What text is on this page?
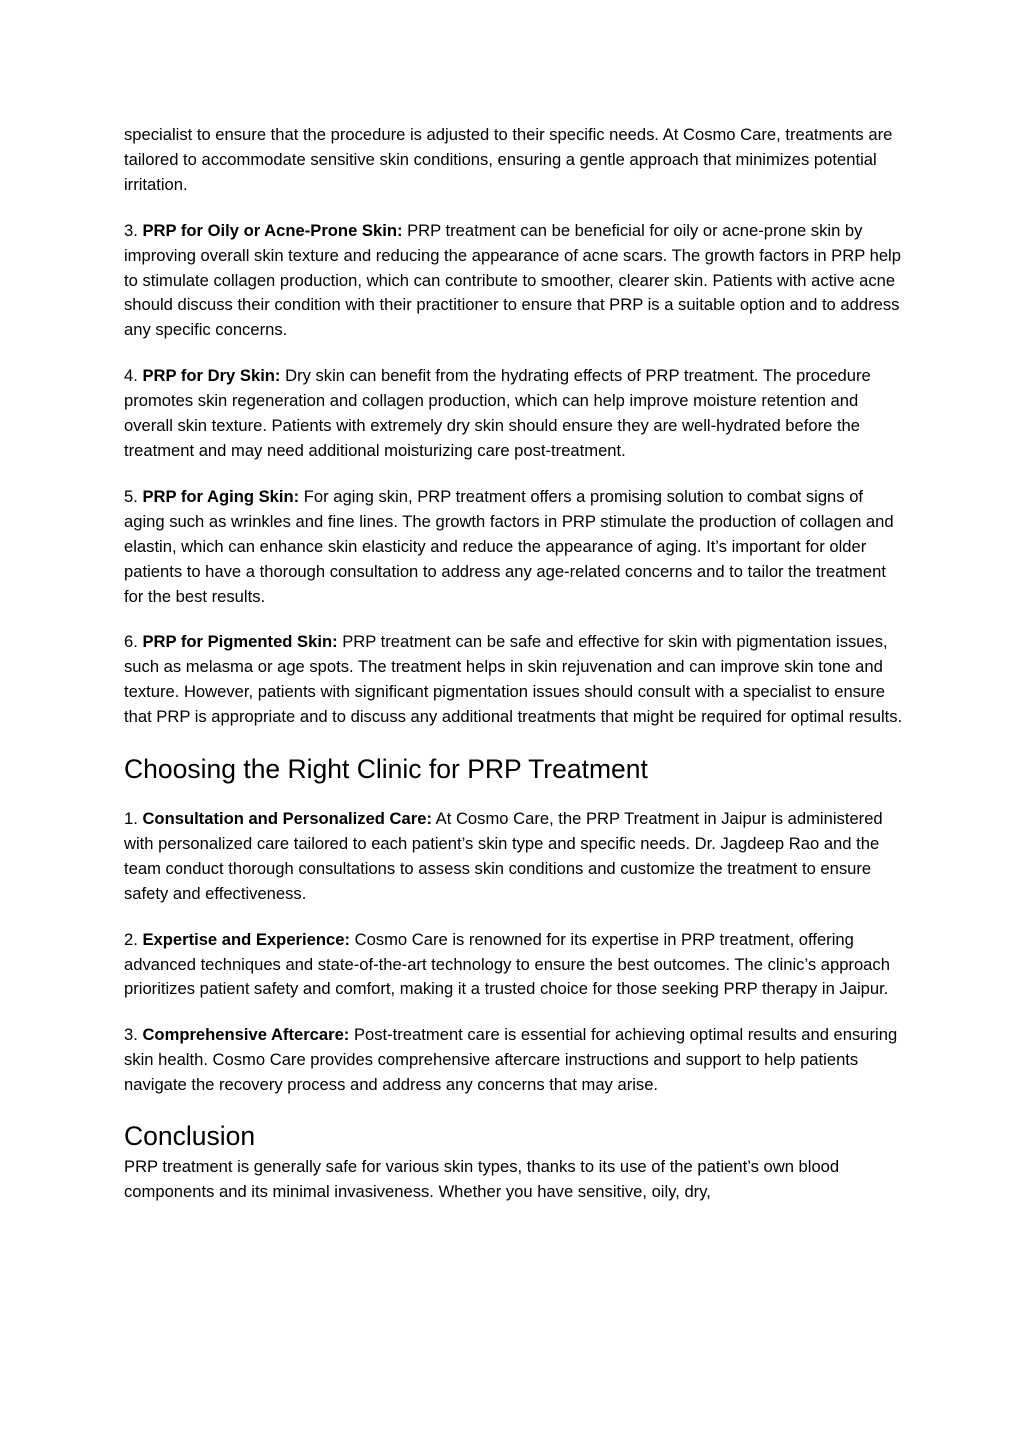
specialist to ensure that the procedure is adjusted to their specific needs. At Cosmo Care, treatments are tailored to accommodate sensitive skin conditions, ensuring a gentle approach that minimizes potential irritation.

3. PRP for Oily or Acne-Prone Skin: PRP treatment can be beneficial for oily or acne-prone skin by improving overall skin texture and reducing the appearance of acne scars. The growth factors in PRP help to stimulate collagen production, which can contribute to smoother, clearer skin. Patients with active acne should discuss their condition with their practitioner to ensure that PRP is a suitable option and to address any specific concerns.

4. PRP for Dry Skin: Dry skin can benefit from the hydrating effects of PRP treatment. The procedure promotes skin regeneration and collagen production, which can help improve moisture retention and overall skin texture. Patients with extremely dry skin should ensure they are well-hydrated before the treatment and may need additional moisturizing care post-treatment.

5. PRP for Aging Skin: For aging skin, PRP treatment offers a promising solution to combat signs of aging such as wrinkles and fine lines. The growth factors in PRP stimulate the production of collagen and elastin, which can enhance skin elasticity and reduce the appearance of aging. It’s important for older patients to have a thorough consultation to address any age-related concerns and to tailor the treatment for the best results.

6. PRP for Pigmented Skin: PRP treatment can be safe and effective for skin with pigmentation issues, such as melasma or age spots. The treatment helps in skin rejuvenation and can improve skin tone and texture. However, patients with significant pigmentation issues should consult with a specialist to ensure that PRP is appropriate and to discuss any additional treatments that might be required for optimal results.

Choosing the Right Clinic for PRP Treatment

1. Consultation and Personalized Care: At Cosmo Care, the PRP Treatment in Jaipur is administered with personalized care tailored to each patient’s skin type and specific needs. Dr. Jagdeep Rao and the team conduct thorough consultations to assess skin conditions and customize the treatment to ensure safety and effectiveness.

2. Expertise and Experience: Cosmo Care is renowned for its expertise in PRP treatment, offering advanced techniques and state-of-the-art technology to ensure the best outcomes. The clinic’s approach prioritizes patient safety and comfort, making it a trusted choice for those seeking PRP therapy in Jaipur.

3. Comprehensive Aftercare: Post-treatment care is essential for achieving optimal results and ensuring skin health. Cosmo Care provides comprehensive aftercare instructions and support to help patients navigate the recovery process and address any concerns that may arise.

Conclusion

PRP treatment is generally safe for various skin types, thanks to its use of the patient’s own blood components and its minimal invasiveness. Whether you have sensitive, oily, dry,
